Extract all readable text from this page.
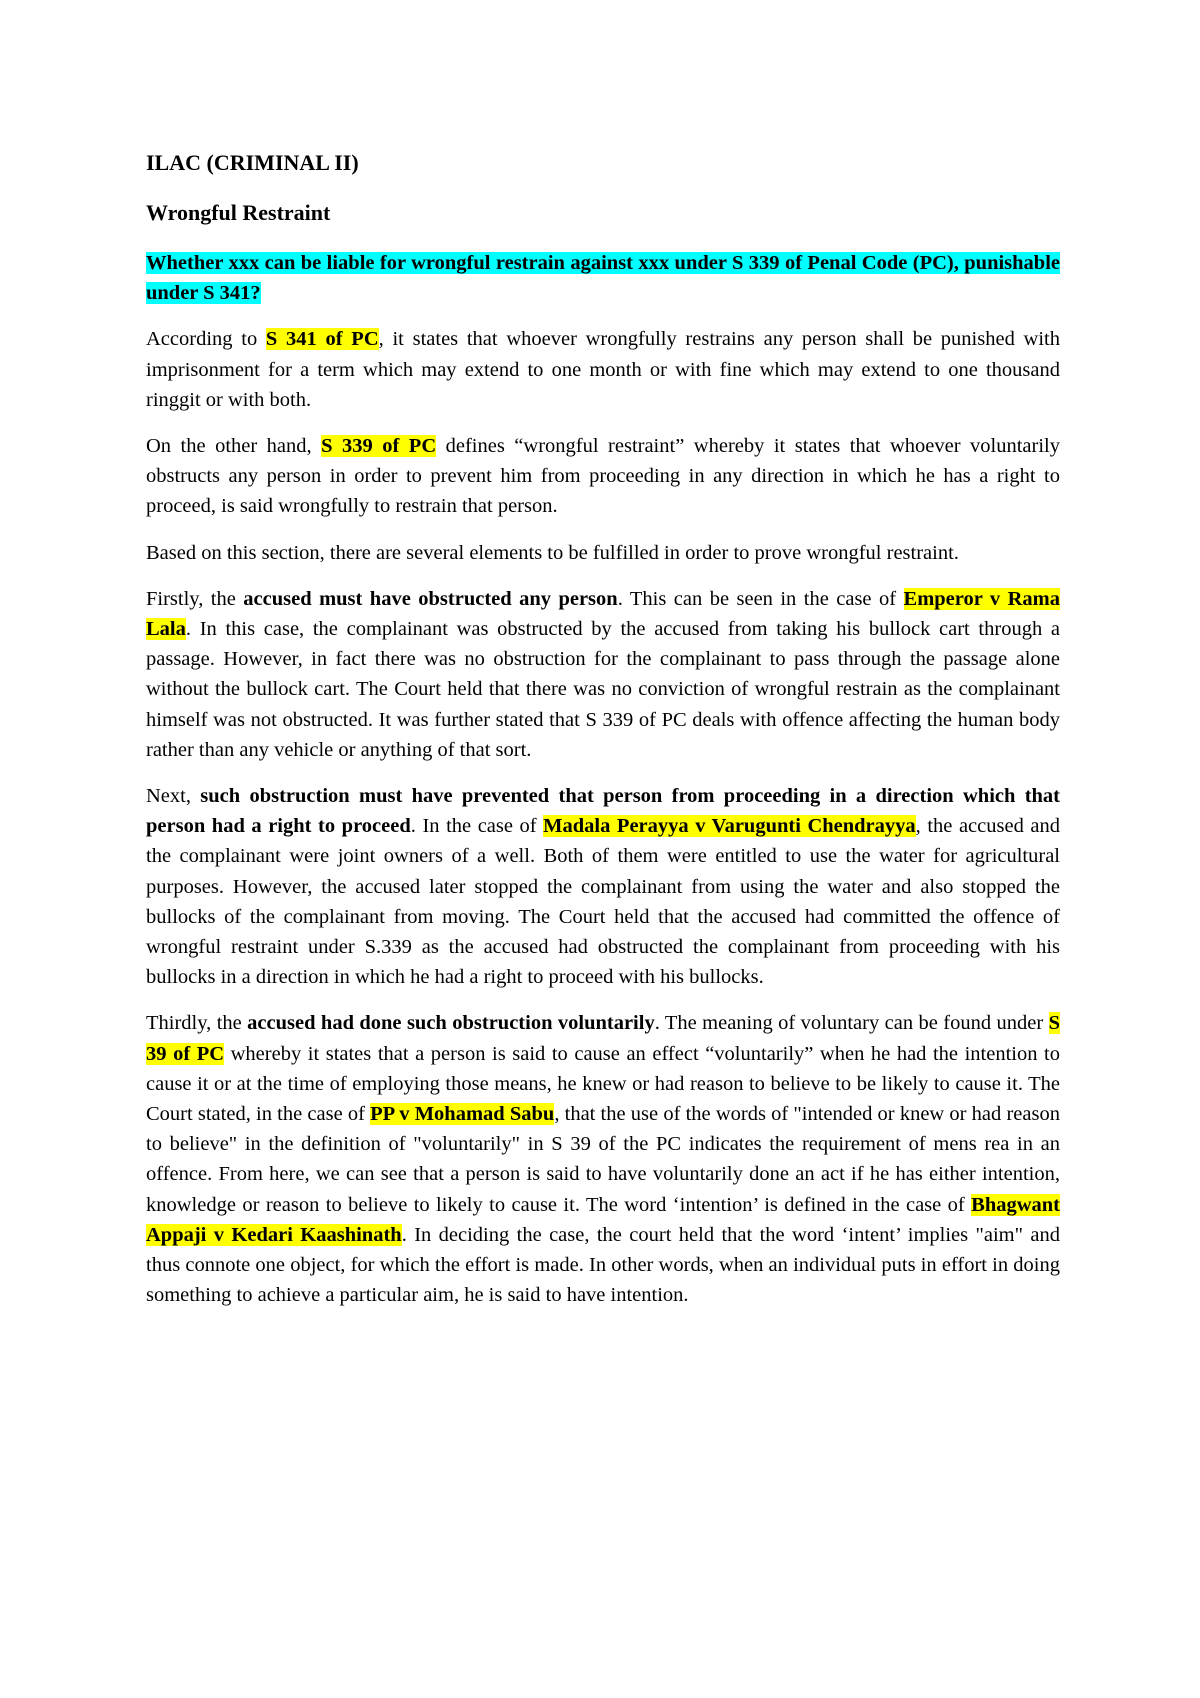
ILAC (CRIMINAL II)
Wrongful Restraint

Whether xxx can be liable for wrongful restrain against xxx under S 339 of Penal Code (PC), punishable under S 341?

According to S 341 of PC, it states that whoever wrongfully restrains any person shall be punished with imprisonment for a term which may extend to one month or with fine which may extend to one thousand ringgit or with both.

On the other hand, S 339 of PC defines “wrongful restraint” whereby it states that whoever voluntarily obstructs any person in order to prevent him from proceeding in any direction in which he has a right to proceed, is said wrongfully to restrain that person.

Based on this section, there are several elements to be fulfilled in order to prove wrongful restraint.

Firstly, the accused must have obstructed any person. This can be seen in the case of Emperor v Rama Lala. In this case, the complainant was obstructed by the accused from taking his bullock cart through a passage. However, in fact there was no obstruction for the complainant to pass through the passage alone without the bullock cart. The Court held that there was no conviction of wrongful restrain as the complainant himself was not obstructed. It was further stated that S 339 of PC deals with offence affecting the human body rather than any vehicle or anything of that sort.

Next, such obstruction must have prevented that person from proceeding in a direction which that person had a right to proceed. In the case of Madala Perayya v Varugunti Chendrayya, the accused and the complainant were joint owners of a well. Both of them were entitled to use the water for agricultural purposes. However, the accused later stopped the complainant from using the water and also stopped the bullocks of the complainant from moving. The Court held that the accused had committed the offence of wrongful restraint under S.339 as the accused had obstructed the complainant from proceeding with his bullocks in a direction in which he had a right to proceed with his bullocks.

Thirdly, the accused had done such obstruction voluntarily. The meaning of voluntary can be found under S 39 of PC whereby it states that a person is said to cause an effect “voluntarily” when he had the intention to cause it or at the time of employing those means, he knew or had reason to believe to be likely to cause it. The Court stated, in the case of PP v Mohamad Sabu, that the use of the words of "intended or knew or had reason to believe" in the definition of "voluntarily" in S 39 of the PC indicates the requirement of mens rea in an offence. From here, we can see that a person is said to have voluntarily done an act if he has either intention, knowledge or reason to believe to likely to cause it. The word ‘intention’ is defined in the case of Bhagwant Appaji v Kedari Kaashinath. In deciding the case, the court held that the word ‘intent’ implies "aim" and thus connote one object, for which the effort is made. In other words, when an individual puts in effort in doing something to achieve a particular aim, he is said to have intention.
